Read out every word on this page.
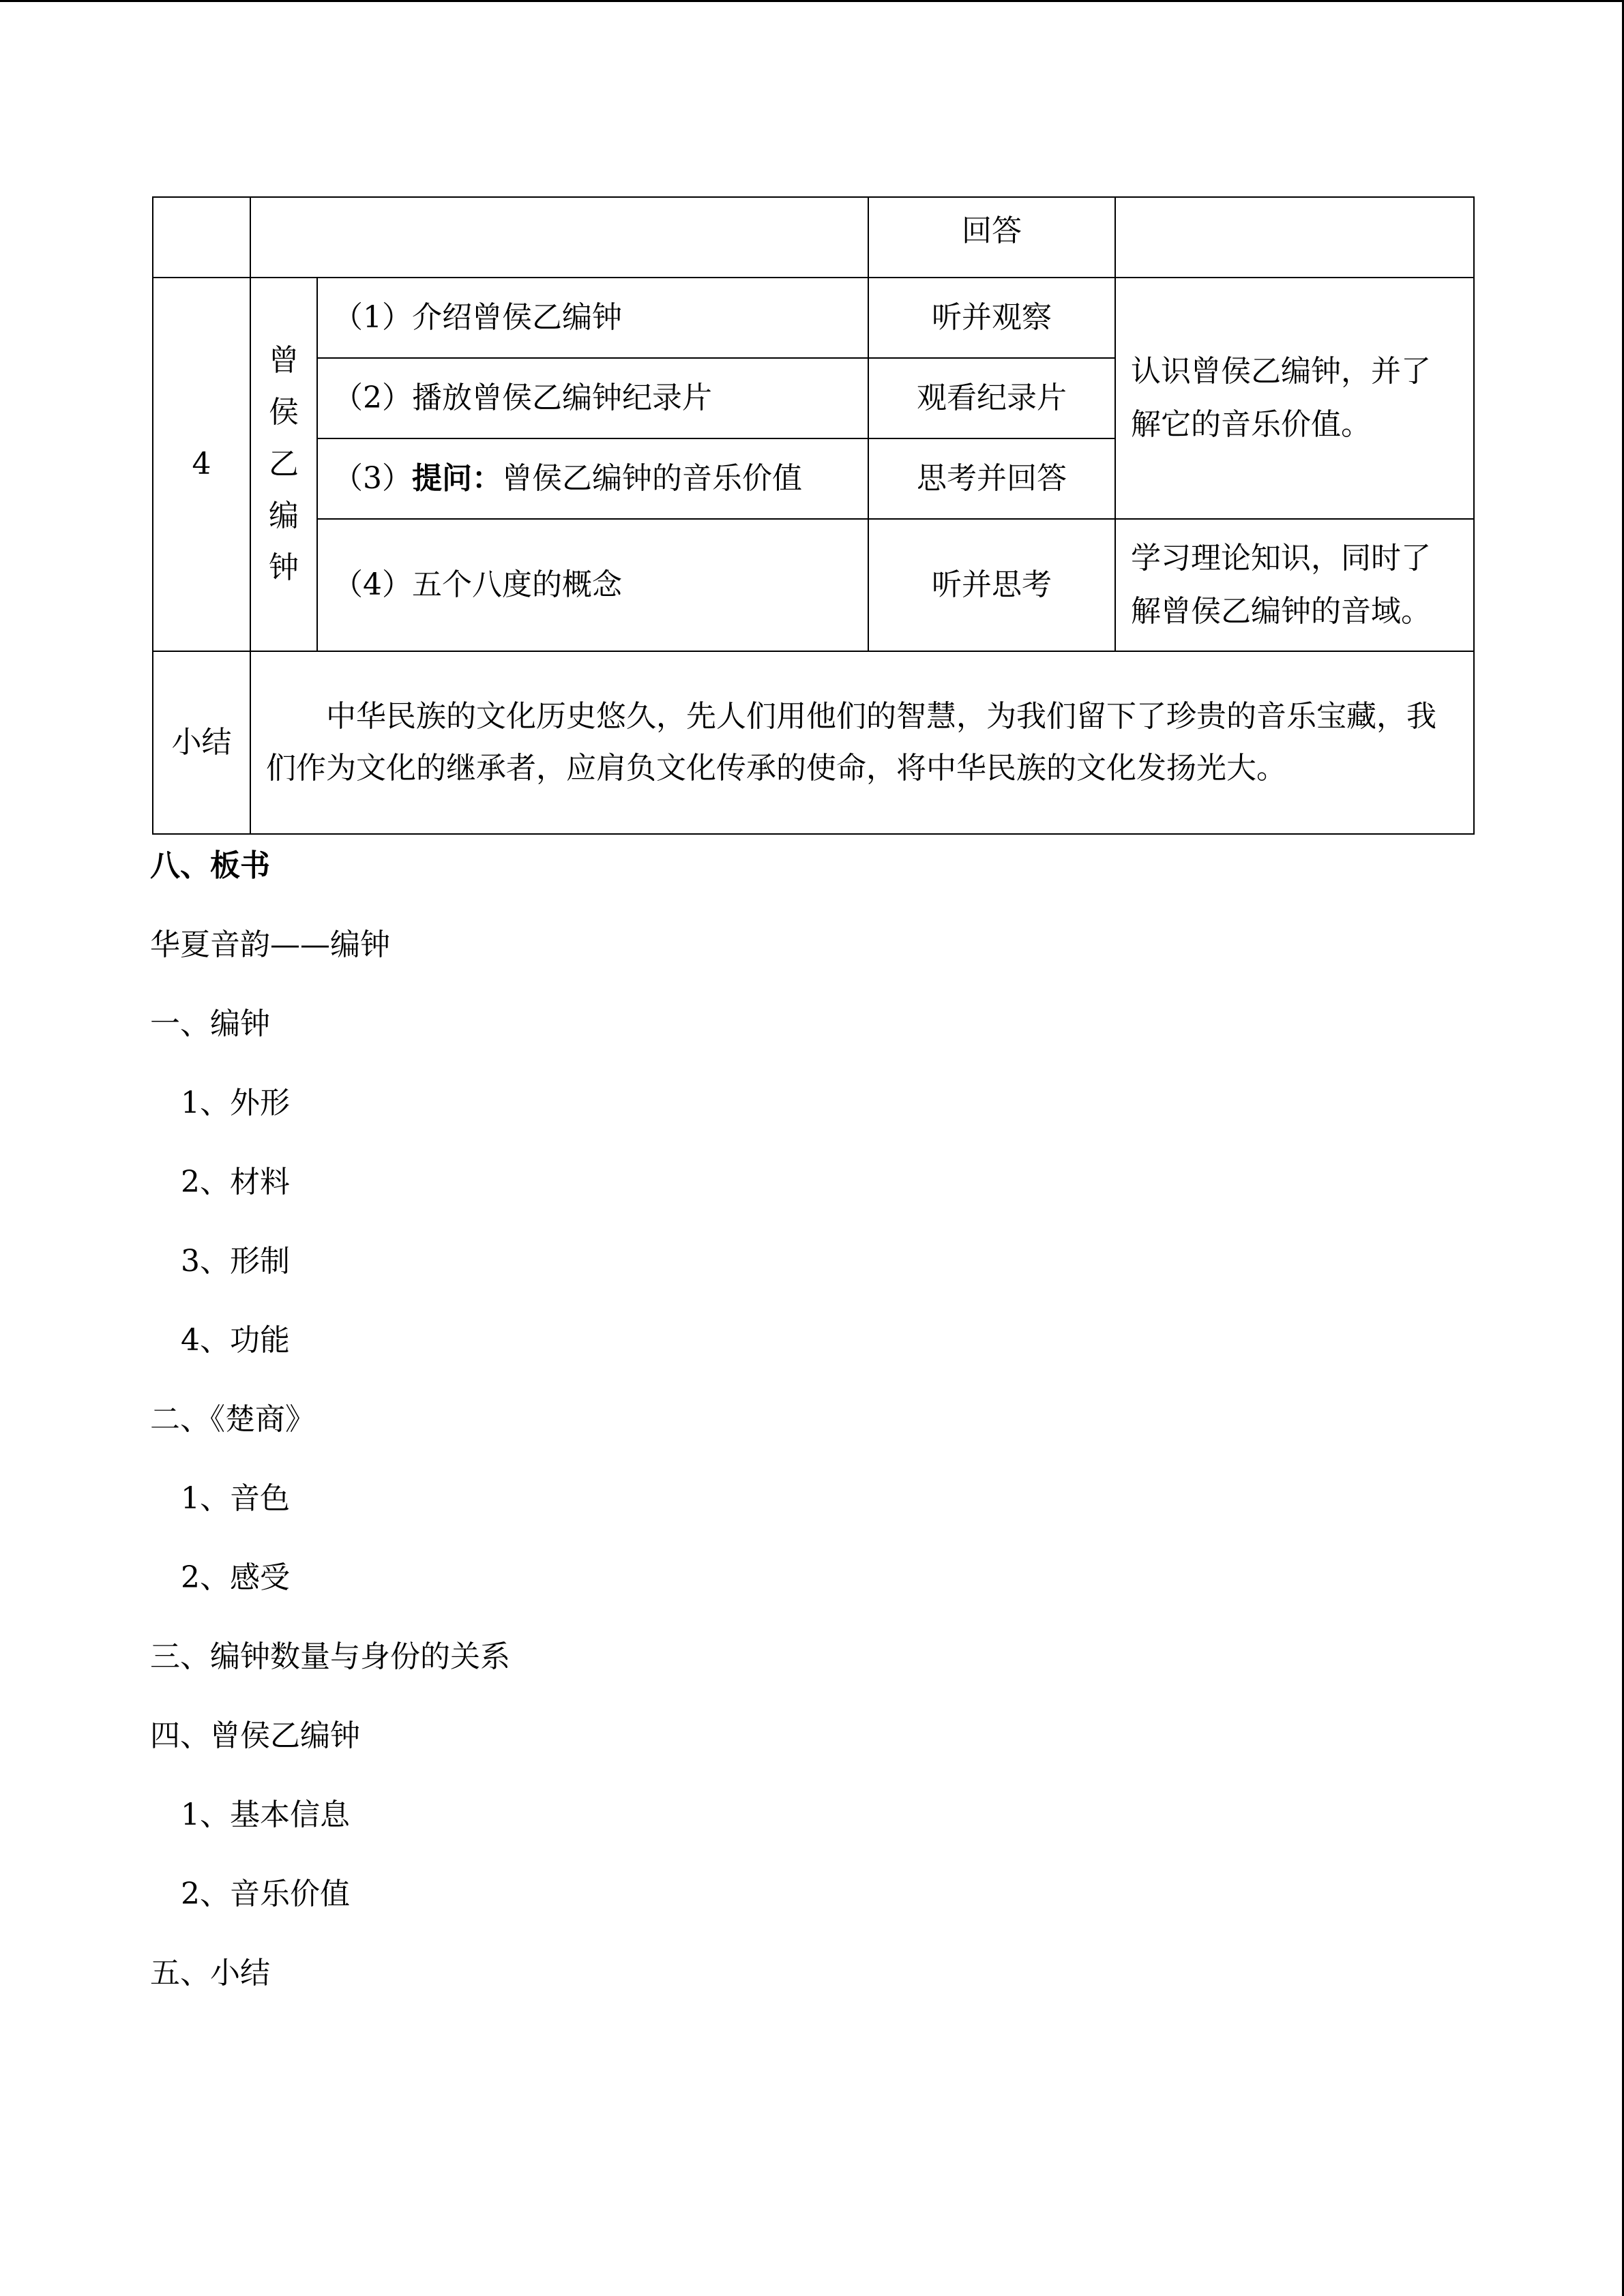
			回答	
4	曾
侯
乙
编
钟	（1）介绍曾侯乙编钟	听并观察	认识曾侯乙编钟，并了解它的音乐价值。
		（2）播放曾侯乙编钟纪录片	观看纪录片	
		（3）提问：曾侯乙编钟的音乐价值	思考并回答	
		（4）五个八度的概念	听并思考	学习理论知识，同时了解曾侯乙编钟的音域。
小结	中华民族的文化历史悠久，先人们用他们的智慧，为我们留下了珍贵的音乐宝藏，我们作为文化的继承者，应肩负文化传承的使命，将中华民族的文化发扬光大。			
八、板书
华夏音韵——编钟
一、编钟
1、外形
2、材料
3、形制
4、功能
二、《楚商》
1、音色
2、感受
三、编钟数量与身份的关系
四、曾侯乙编钟
1、基本信息
2、音乐价值
五、小结
